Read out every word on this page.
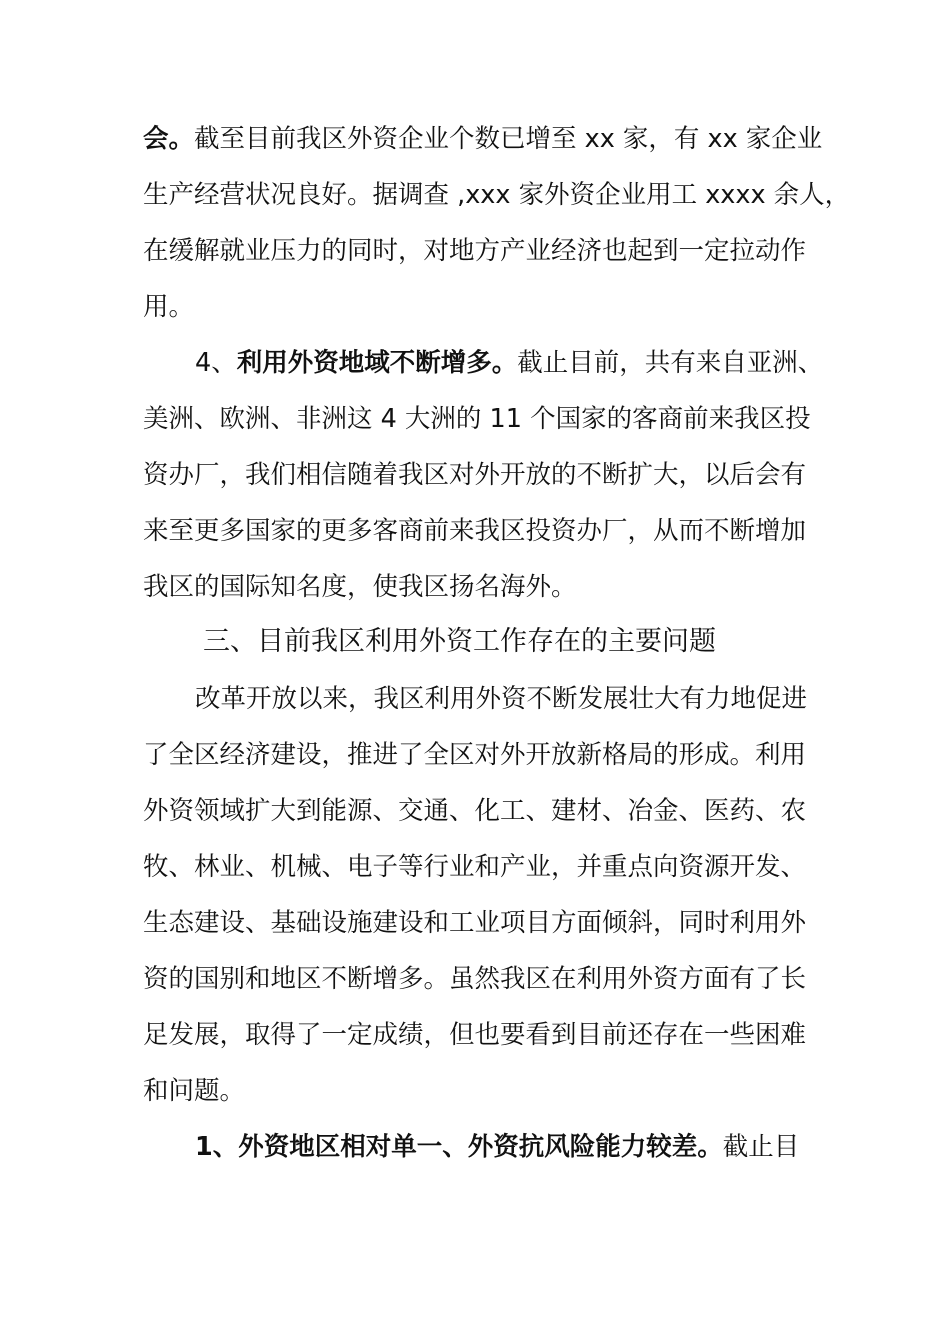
会。截至目前我区外资企业个数已增至 xx 家，有 xx 家企业
生产经营状况良好。据调查 ,xxx 家外资企业用工 xxxx 余人，
在缓解就业压力的同时，对地方产业经济也起到一定拉动作
用。
4、利用外资地域不断增多。截止目前，共有来自亚洲、
美洲、欧洲、非洲这 4 大洲的 11 个国家的客商前来我区投
资办厂，我们相信随着我区对外开放的不断扩大，以后会有
来至更多国家的更多客商前来我区投资办厂，从而不断增加
我区的国际知名度，使我区扬名海外。
三、目前我区利用外资工作存在的主要问题
改革开放以来，我区利用外资不断发展壮大有力地促进
了全区经济建设，推进了全区对外开放新格局的形成。利用
外资领域扩大到能源、交通、化工、建材、冶金、医药、农
牧、林业、机械、电子等行业和产业，并重点向资源开发、
生态建设、基础设施建设和工业项目方面倾斜，同时利用外
资的国别和地区不断增多。虽然我区在利用外资方面有了长
足发展，取得了一定成绩，但也要看到目前还存在一些困难
和问题。
1、外资地区相对单一、外资抗风险能力较差。截止目
